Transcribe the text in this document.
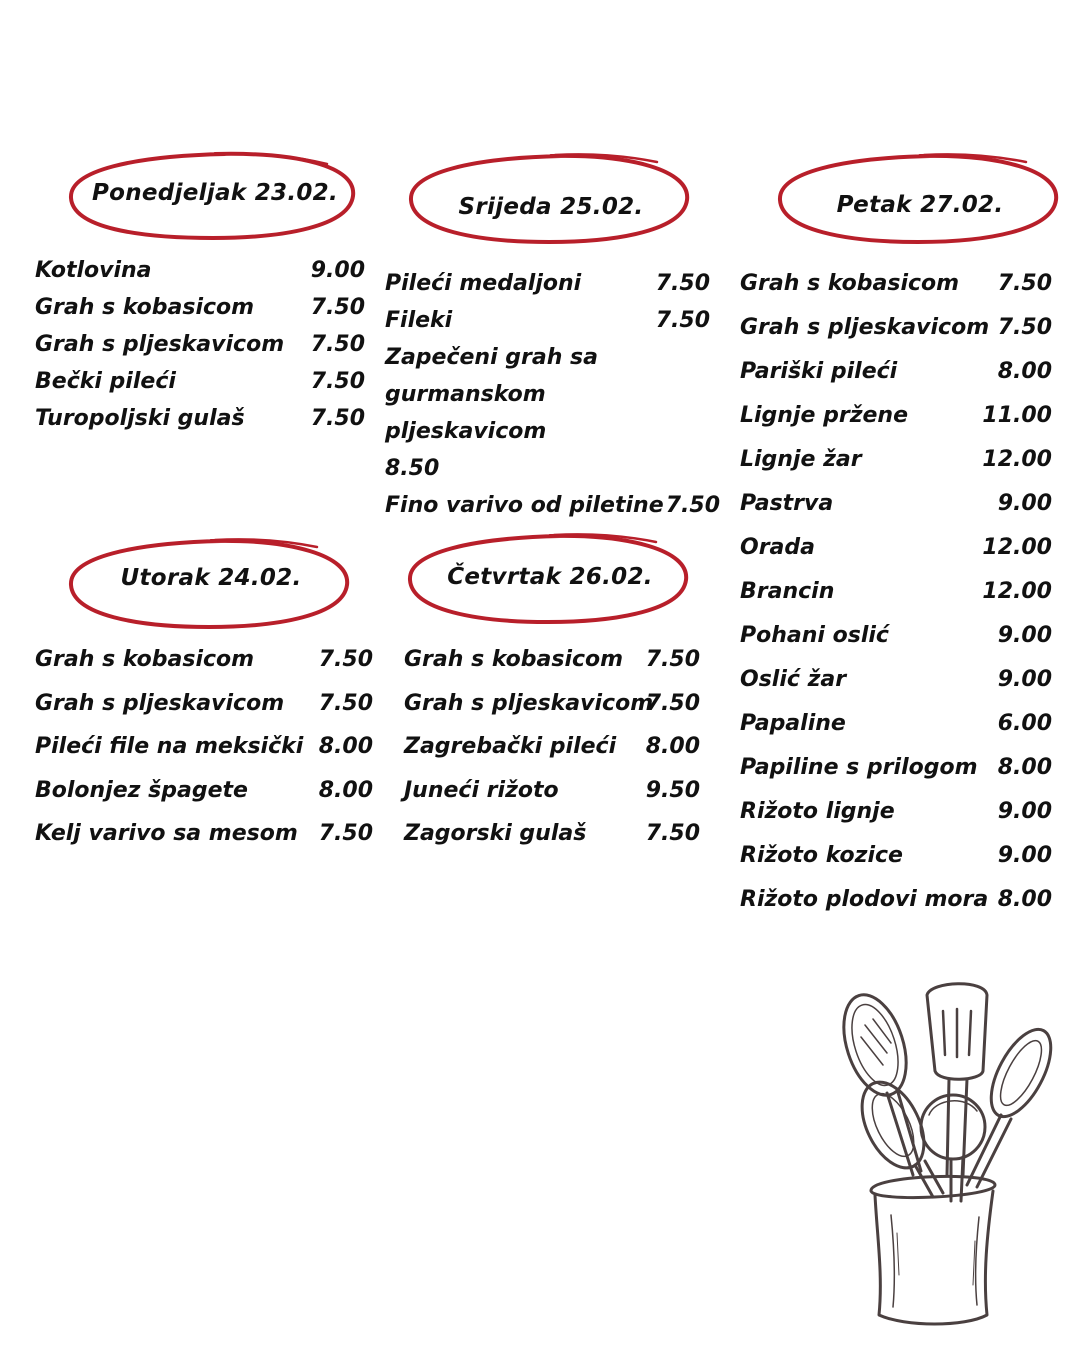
Ponedjeljak 23.02.
Kotlovina	9.00
Grah s kobasicom	7.50
Grah s pljeskavicom 7.50
Bečki pileći	7.50
Turopoljski gulaš	7.50
Srijeda 25.02.
Pileći medaljoni	7.50
Fileki	7.50
Zapečeni grah sa gurmanskom pljeskavicom
8.50
Fino varivo od piletine 7.50
Petak 27.02.
Grah s kobasicom 7.50
Grah s pljeskavicom 7.50
Pariški pileći	8.00
Lignje pržene	11.00
Lignje žar	12.00
Pastrva	9.00
Orada	12.00
Brancin	12.00
Pohani oslić	9.00
Oslić žar	9.00
Papaline	6.00
Papiline s prilogom 8.00
Rižoto lignje	9.00
Rižoto kozice	9.00
Rižoto plodovi mora 8.00
Utorak 24.02.
Grah s kobasicom	7.50
Grah s pljeskavicom 7.50
Pileći file na meksički 8.00
Bolonjez špagete	8.00
Kelj varivo sa mesom 7.50
Četvrtak 26.02.
Grah s kobasicom 7.50
Grah s pljeskavicom
7.50
Zagrebački pileći 8.00
Juneći rižoto	9.50
Zagorski gulaš	7.50
